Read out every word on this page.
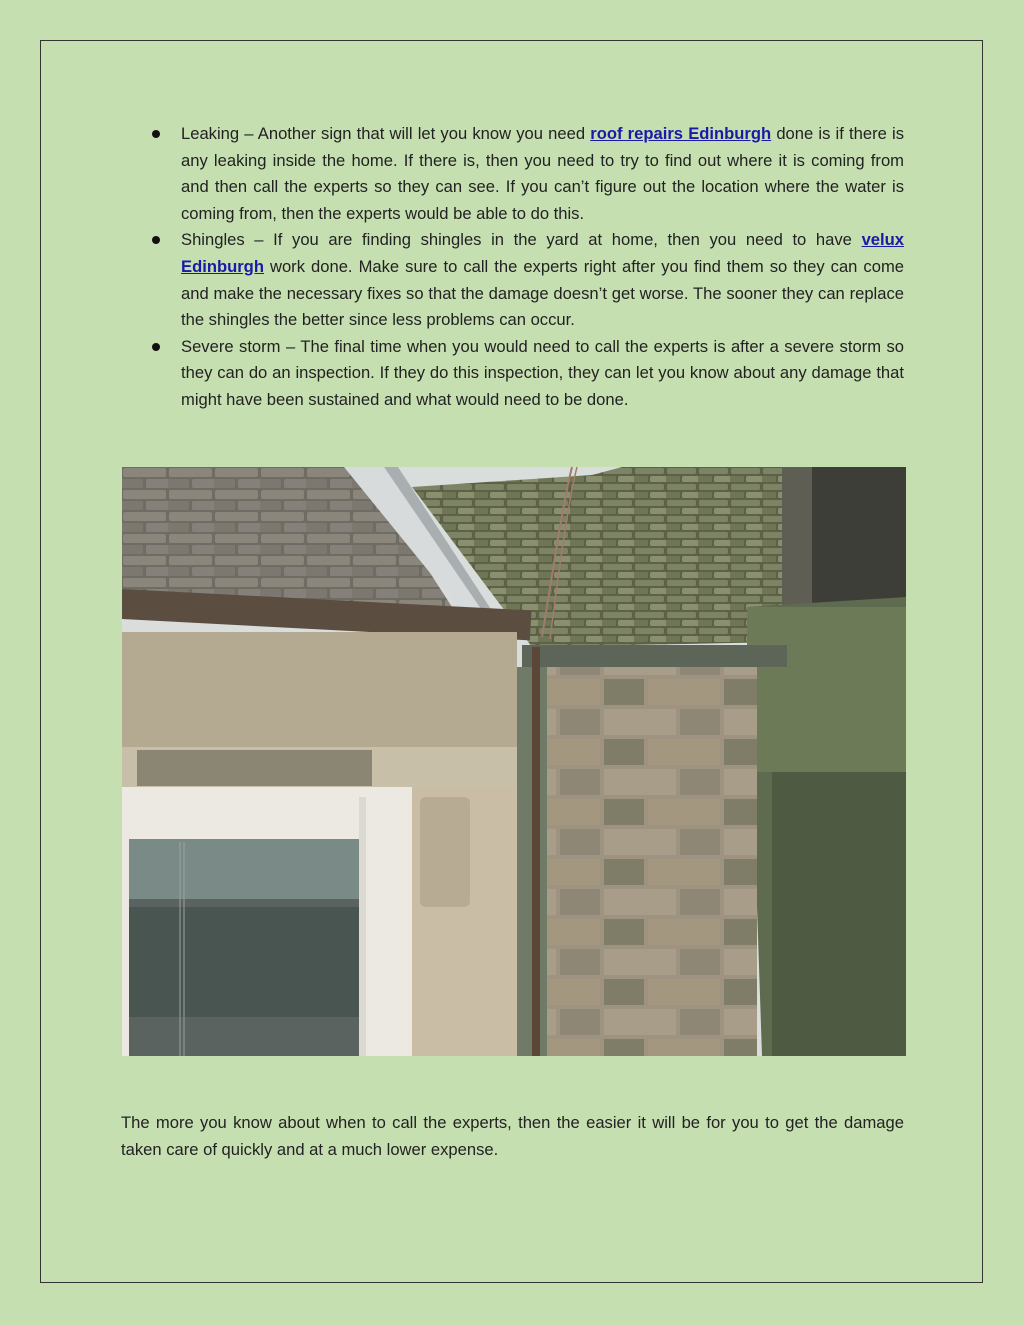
Leaking – Another sign that will let you know you need roof repairs Edinburgh done is if there is any leaking inside the home. If there is, then you need to try to find out where it is coming from and then call the experts so they can see. If you can’t figure out the location where the water is coming from, then the experts would be able to do this.
Shingles – If you are finding shingles in the yard at home, then you need to have velux Edinburgh work done. Make sure to call the experts right after you find them so they can come and make the necessary fixes so that the damage doesn’t get worse. The sooner they can replace the shingles the better since less problems can occur.
Severe storm – The final time when you would need to call the experts is after a severe storm so they can do an inspection. If they do this inspection, they can let you know about any damage that might have been sustained and what would need to be done.

The more you know about when to call the experts, then the easier it will be for you to get the damage taken care of quickly and at a much lower expense.
